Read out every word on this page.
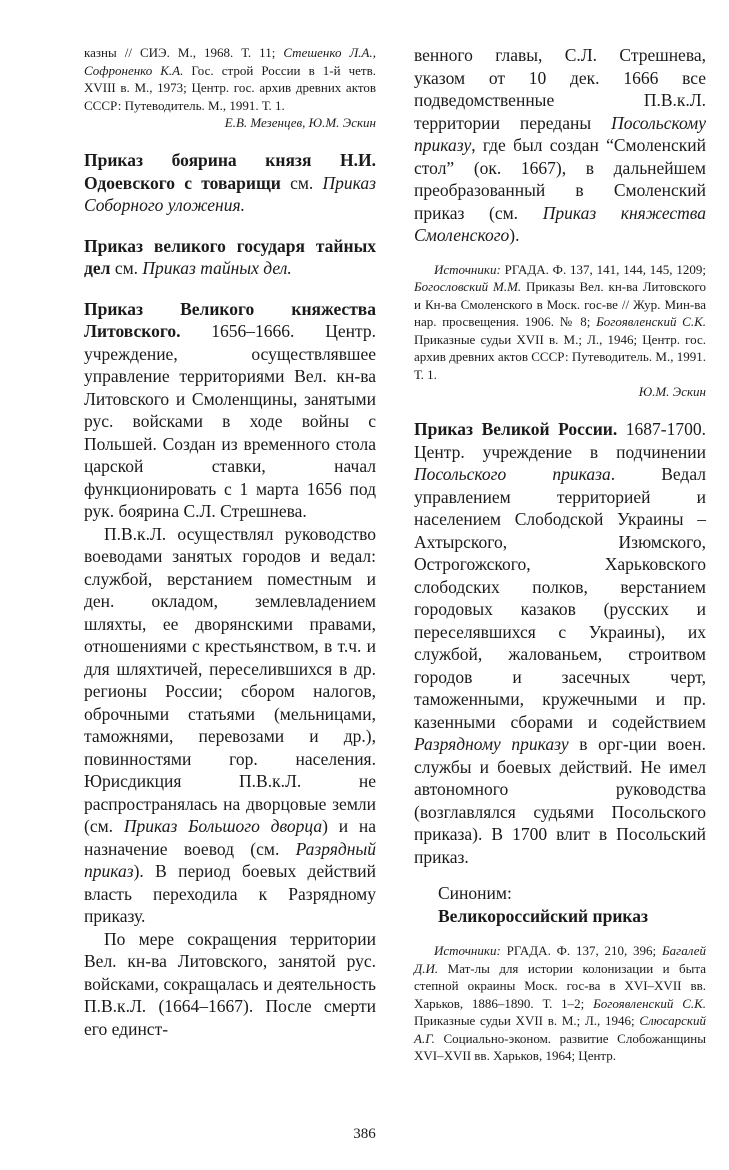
казны // СИЭ. М., 1968. Т. 11; Стешенко Л.А., Софроненко К.А. Гос. строй России в 1-й четв. XVIII в. М., 1973; Центр. гос. архив древних актов СССР: Путеводитель. М., 1991. Т. 1.

Е.В. Мезенцев, Ю.М. Эскин

Приказ боярина князя Н.И. Одоевского с товарищи см. Приказ Соборного уложения.

Приказ великого государя тайных дел см. Приказ тайных дел.

Приказ Великого княжества Литовского. 1656–1666. Центр. учреждение, осуществлявшее управление территориями Вел. кн-ва Литовского и Смоленщины, занятыми рус. войсками в ходе войны с Польшей. Создан из временного стола царской ставки, начал функционировать с 1 марта 1656 под рук. боярина С.Л. Стрешнева.

П.В.к.Л. осуществлял руководство воеводами занятых городов и ведал: службой, верстанием поместным и ден. окладом, землевладением шляхты, ее дворянскими правами, отношениями с крестьянством, в т.ч. и для шляхтичей, переселившихся в др. регионы России; сбором налогов, оброчными статьями (мельницами, таможнями, перевозами и др.), повинностями гор. населения. Юрисдикция П.В.к.Л. не распространялась на дворцовые земли (см. Приказ Большого дворца) и на назначение воевод (см. Разрядный приказ). В период боевых действий власть переходила к Разрядному приказу.

По мере сокращения территории Вел. кн-ва Литовского, занятой рус. войсками, сокращалась и деятельность П.В.к.Л. (1664–1667). После смерти его единст-

венного главы, С.Л. Стрешнева, указом от 10 дек. 1666 все подведомственные П.В.к.Л. территории переданы Посольскому приказу, где был создан “Смоленский стол” (ок. 1667), в дальнейшем преобразованный в Смоленский приказ (см. Приказ княжества Смоленского).

Источники: РГАДА. Ф. 137, 141, 144, 145, 1209; Богословский М.М. Приказы Вел. кн-ва Литовского и Кн-ва Смоленского в Моск. гос-ве // Жур. Мин-ва нар. просвещения. 1906. № 8; Богоявленский С.К. Приказные судьи XVII в. М.; Л., 1946; Центр. гос. архив древних актов СССР: Путеводитель. М., 1991. Т. 1.

Ю.М. Эскин

Приказ Великой России. 1687-1700. Центр. учреждение в подчинении Посольского приказа. Ведал управлением территорией и населением Слободской Украины – Ахтырского, Изюмского, Острогожского, Харьковского слободских полков, верстанием городовых казаков (русских и переселявшихся с Украины), их службой, жалованьем, строитвом городов и засечных черт, таможенными, кружечными и пр. казенными сборами и содействием Разрядному приказу в орг-ции воен. службы и боевых действий. Не имел автономного руководства (возглавлялся судьями Посольского приказа). В 1700 влит в Посольский приказ.

Синоним:

Великороссийский приказ

Источники: РГАДА. Ф. 137, 210, 396; Багалей Д.И. Мат-лы для истории колонизации и быта степной окраины Моск. гос-ва в XVI–XVII вв. Харьков, 1886–1890. Т. 1–2; Богоявленский С.К. Приказные судьи XVII в. М.; Л., 1946; Слюсарский А.Г. Социально-эконом. развитие Слобожанщины XVI–XVII вв. Харьков, 1964; Центр.

386
